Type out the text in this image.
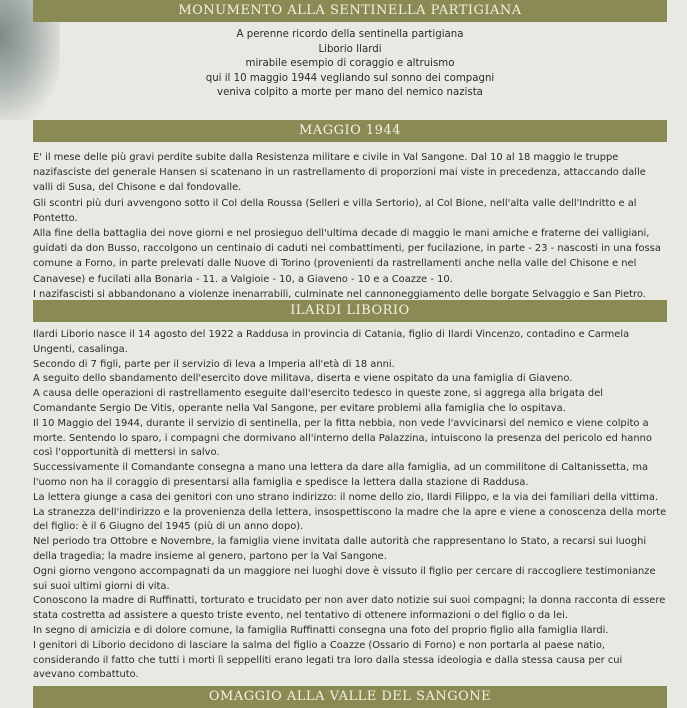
MONUMENTO ALLA SENTINELLA PARTIGIANA
A perenne ricordo della sentinella partigiana
Liborio Ilardi
mirabile esempio di coraggio e altruismo
qui il 10 maggio 1944 vegliando sul sonno dei compagni
veniva colpito a morte per mano del nemico nazista
MAGGIO 1944

E' il mese delle più gravi perdite subite dalla Resistenza militare e civile in Val Sangone. Dal 10 al 18 maggio le truppe nazifasciste del generale Hansen si scatenano in un rastrellamento di proporzioni mai viste in precedenza, attaccando dalle valli di Susa, del Chisone e dal fondovalle.

Gli scontri più duri avvengono sotto il Col della Roussa (Selleri e villa Sertorio), al Col Bione, nell'alta valle dell'Indritto e al Pontetto.

Alla fine della battaglia dei nove giorni e nel prosieguo dell'ultima decade di maggio le mani amiche e fraterne dei valligiani, guidati da don Busso, raccolgono un centinaio di caduti nei combattimenti, per fucilazione, in parte - 23 - nascosti in una fossa comune a Forno, in parte prelevati dalle Nuove di Torino (provenienti da rastrellamenti anche nella valle del Chisone e nel Canavese) e fucilati alla Bonaria - 11. a Valgioie - 10, a Giaveno - 10 e a Coazze - 10.

I nazifascisti si abbandonano a violenze inenarrabili, culminate nel cannoneggiamento delle borgate Selvaggio e San Pietro.

ILARDI LIBORIO

Ilardi Liborio nasce il 14 agosto del 1922 a Raddusa in provincia di Catania, figlio di Ilardi Vincenzo, contadino e Carmela Ungenti, casalinga.

Secondo di 7 figli, parte per il servizio di leva a Imperia all'età di 18 anni.

A seguito dello sbandamento dell'esercito dove militava, diserta e viene ospitato da una famiglia di Giaveno.

A causa delle operazioni di rastrellamento eseguite dall'esercito tedesco in queste zone, si aggrega alla brigata del Comandante Sergio De Vitis, operante nella Val Sangone, per evitare problemi alla famiglia che lo ospitava.

Il 10 Maggio del 1944, durante il servizio di sentinella, per la fitta nebbia, non vede l'avvicinarsi del nemico e viene colpito a morte. Sentendo lo sparo, i compagni che dormivano all'interno della Palazzina, intuiscono la presenza del pericolo ed hanno così l'opportunità di mettersi in salvo.

Successivamente il Comandante consegna a mano una lettera da dare alla famiglia, ad un commilitone di Caltanissetta, ma l'uomo non ha il coraggio di presentarsi alla famiglia e spedisce la lettera dalla stazione di Raddusa.

La lettera giunge a casa dei genitori con uno strano indirizzo: il nome dello zio, Ilardi Filippo, e la via dei familiari della vittima.

La stranezza dell'indirizzo e la provenienza della lettera, insospettiscono la madre che la apre e viene a conoscenza della morte del figlio: è il 6 Giugno del 1945 (più di un anno dopo).

Nel periodo tra Ottobre e Novembre, la famiglia viene invitata dalle autorità che rappresentano lo Stato, a recarsi sui luoghi della tragedia; la madre insieme al genero, partono per la Val Sangone.

Ogni giorno vengono accompagnati da un maggiore nei luoghi dove è vissuto il figlio per cercare di raccogliere testimonianze sui suoi ultimi giorni di vita.

Conoscono la madre di Ruffinatti, torturato e trucidato per non aver dato notizie sui suoi compagni; la donna racconta di essere stata costretta ad assistere a questo triste evento, nel tentativo di ottenere informazioni o del figlio o da lei.

In segno di amicizia e di dolore comune, la famiglia Ruffinatti consegna una foto del proprio figlio alla famiglia Ilardi.

I genitori di Liborio decidono di lasciare la salma del figlio a Coazze (Ossario di Forno) e non portarla al paese natio, considerando il fatto che tutti i morti lì seppelliti erano legati tra loro dalla stessa ideologia e dalla stessa causa per cui avevano combattuto.

OMAGGIO ALLA VALLE DEL SANGONE
